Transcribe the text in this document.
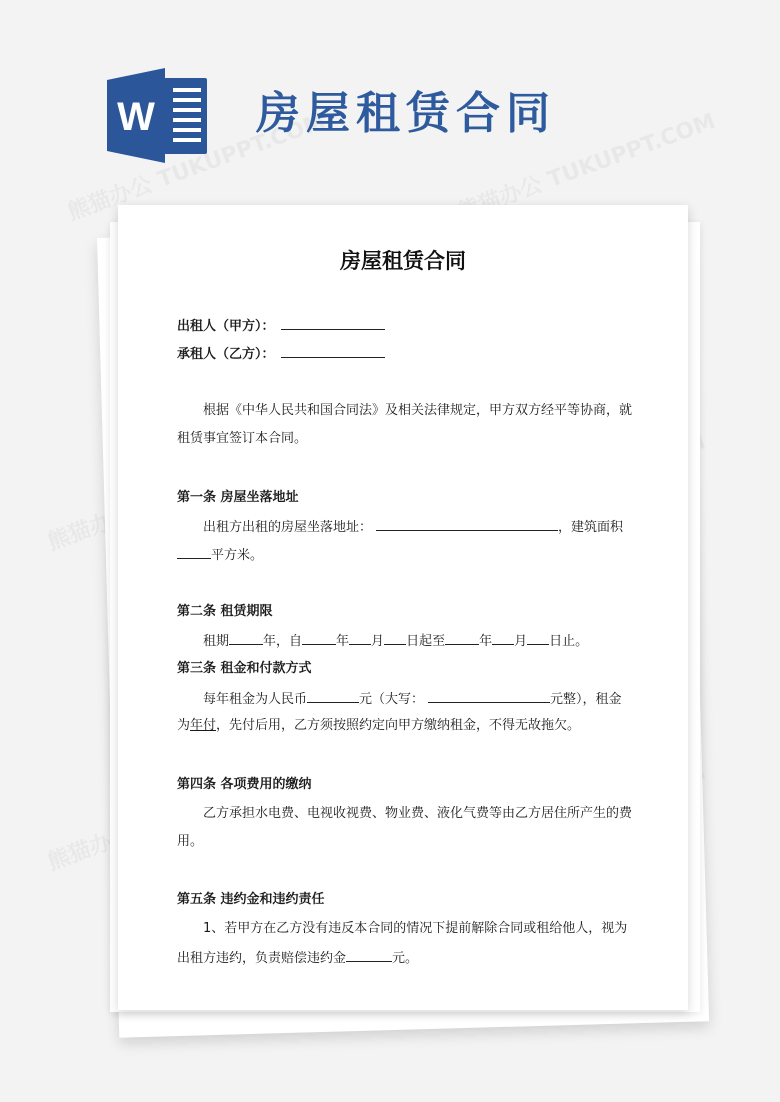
W 房屋租赁合同
房屋租赁合同
出租人（甲方）：
承租人（乙方）：
根据《中华人民共和国合同法》及相关法律规定，甲方双方经平等协商，就
租赁事宜签订本合同。
第一条 房屋坐落地址
出租方出租的房屋坐落地址：	，建筑面积
平方米。
第二条 租赁期限
租期	年，自	年 月 日起至	年 月 日止。
第三条 租金和付款方式
每年租金为人民币	元（大写：	元整），租金
为年付，先付后用，乙方须按照约定向甲方缴纳租金，不得无故拖欠。
第四条 各项费用的缴纳
乙方承担水电费、电视收视费、物业费、液化气费等由乙方居住所产生的费
用。
第五条 违约金和违约责任
1、若甲方在乙方没有违反本合同的情况下提前解除合同或租给他人，视为
出租方违约，负责赔偿违约金	元。
